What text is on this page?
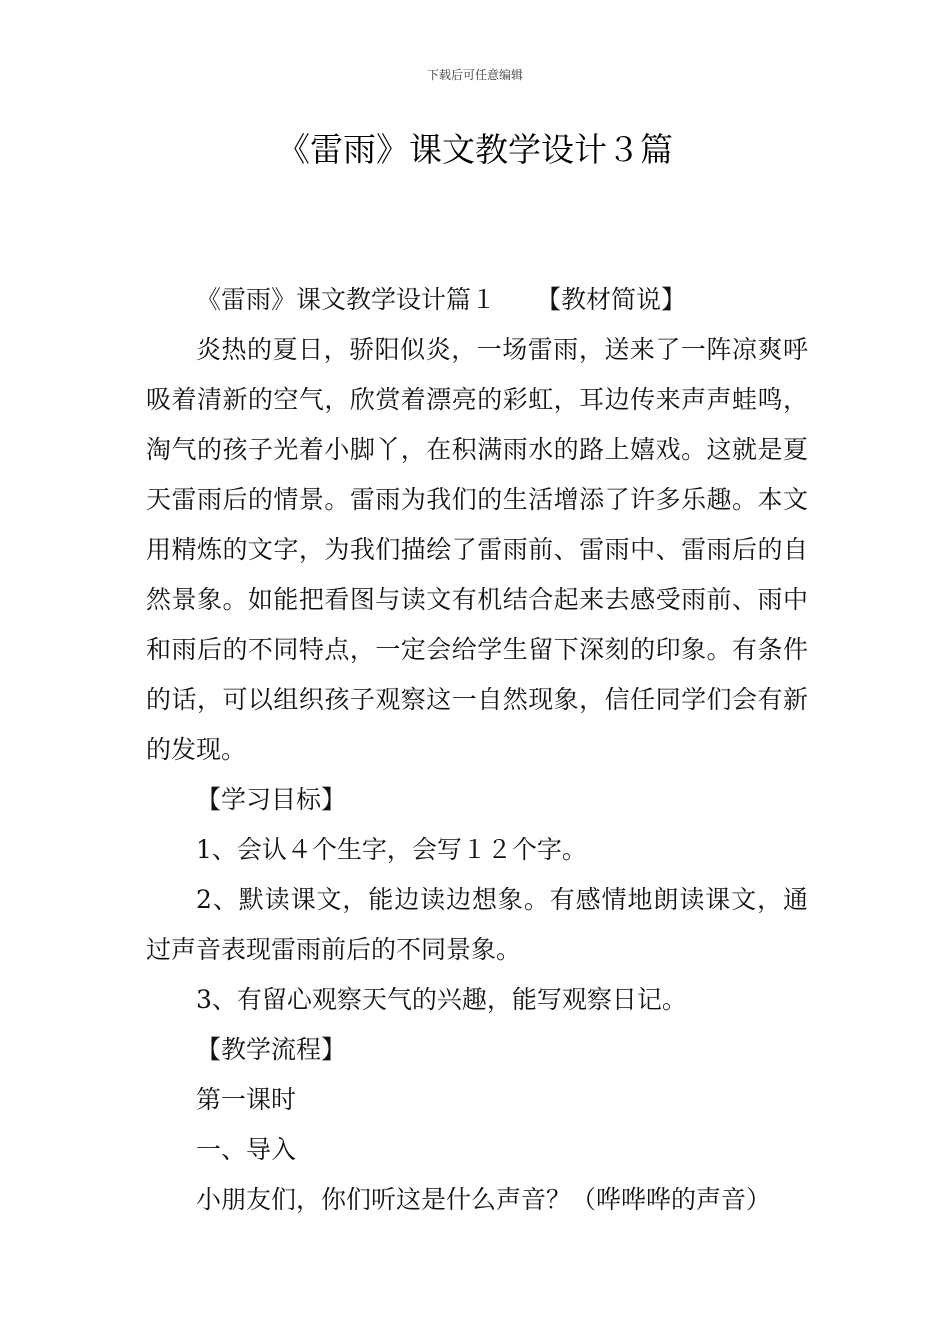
下载后可任意编辑
《雷雨》课文教学设计３篇

《雷雨》课文教学设计篇１ 【教材简说】

炎热的夏日，骄阳似炎，一场雷雨，送来了一阵凉爽呼吸着清新的空气，欣赏着漂亮的彩虹，耳边传来声声蛙鸣，淘气的孩子光着小脚丫，在积满雨水的路上嬉戏。这就是夏天雷雨后的情景。雷雨为我们的生活增添了许多乐趣。本文用精炼的文字，为我们描绘了雷雨前、雷雨中、雷雨后的自然景象。如能把看图与读文有机结合起来去感受雨前、雨中和雨后的不同特点，一定会给学生留下深刻的印象。有条件的话，可以组织孩子观察这一自然现象，信任同学们会有新的发现。

【学习目标】

1、会认４个生字，会写１２个字。

2、默读课文，能边读边想象。有感情地朗读课文，通过声音表现雷雨前后的不同景象。

3、有留心观察天气的兴趣，能写观察日记。

【教学流程】

第一课时

一、导入

小朋友们，你们听这是什么声音？（哗哗哗的声音）
